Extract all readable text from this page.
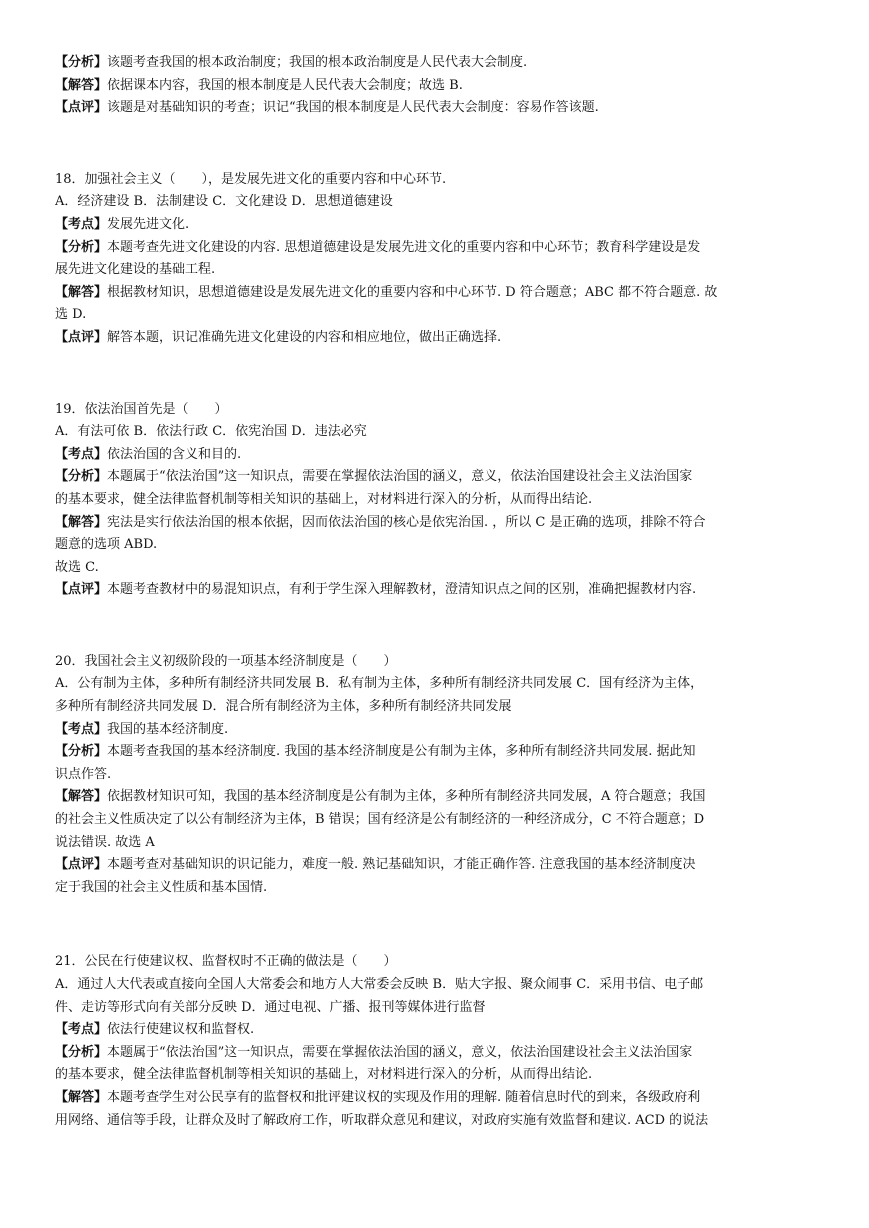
【分析】该题考查我国的根本政治制度；我国的根本政治制度是人民代表大会制度.
【解答】依据课本内容，我国的根本制度是人民代表大会制度；故选 B.
【点评】该题是对基础知识的考查；识记“我国的根本制度是人民代表大会制度：容易作答该题.
18．加强社会主义（　　），是发展先进文化的重要内容和中心环节.
A．经济建设 B．法制建设 C．文化建设 D．思想道德建设
【考点】发展先进文化.
【分析】本题考查先进文化建设的内容. 思想道德建设是发展先进文化的重要内容和中心环节；教育科学建设是发
展先进文化建设的基础工程.
【解答】根据教材知识，思想道德建设是发展先进文化的重要内容和中心环节. D 符合题意；ABC 都不符合题意. 故
选 D.
【点评】解答本题，识记准确先进文化建设的内容和相应地位，做出正确选择.
19．依法治国首先是（　　）
A．有法可依 B．依法行政 C．依宪治国 D．违法必究
【考点】依法治国的含义和目的.
【分析】本题属于“依法治国”这一知识点，需要在掌握依法治国的涵义，意义，依法治国建设社会主义法治国家
的基本要求，健全法律监督机制等相关知识的基础上，对材料进行深入的分析，从而得出结论.
【解答】宪法是实行依法治国的根本依据，因而依法治国的核心是依宪治国. ，所以 C 是正确的选项，排除不符合
题意的选项 ABD.
故选 C.
【点评】本题考查教材中的易混知识点，有利于学生深入理解教材，澄清知识点之间的区别，准确把握教材内容.
20．我国社会主义初级阶段的一项基本经济制度是（　　）
A．公有制为主体，多种所有制经济共同发展 B．私有制为主体，多种所有制经济共同发展 C．国有经济为主体，
多种所有制经济共同发展 D．混合所有制经济为主体，多种所有制经济共同发展
【考点】我国的基本经济制度.
【分析】本题考查我国的基本经济制度. 我国的基本经济制度是公有制为主体，多种所有制经济共同发展. 据此知
识点作答.
【解答】依据教材知识可知，我国的基本经济制度是公有制为主体，多种所有制经济共同发展，A 符合题意；我国
的社会主义性质决定了以公有制经济为主体，B 错误；国有经济是公有制经济的一种经济成分，C 不符合题意；D
说法错误. 故选 A
【点评】本题考查对基础知识的识记能力，难度一般. 熟记基础知识，才能正确作答. 注意我国的基本经济制度决
定于我国的社会主义性质和基本国情.
21．公民在行使建议权、监督权时不正确的做法是（　　）
A．通过人大代表或直接向全国人大常委会和地方人大常委会反映 B．贴大字报、聚众闹事 C．采用书信、电子邮
件、走访等形式向有关部分反映 D．通过电视、广播、报刊等媒体进行监督
【考点】依法行使建议权和监督权.
【分析】本题属于“依法治国”这一知识点，需要在掌握依法治国的涵义，意义，依法治国建设社会主义法治国家
的基本要求，健全法律监督机制等相关知识的基础上，对材料进行深入的分析，从而得出结论.
【解答】本题考查学生对公民享有的监督权和批评建议权的实现及作用的理解. 随着信息时代的到来，各级政府利
用网络、通信等手段，让群众及时了解政府工作，听取群众意见和建议，对政府实施有效监督和建议. ACD 的说法
